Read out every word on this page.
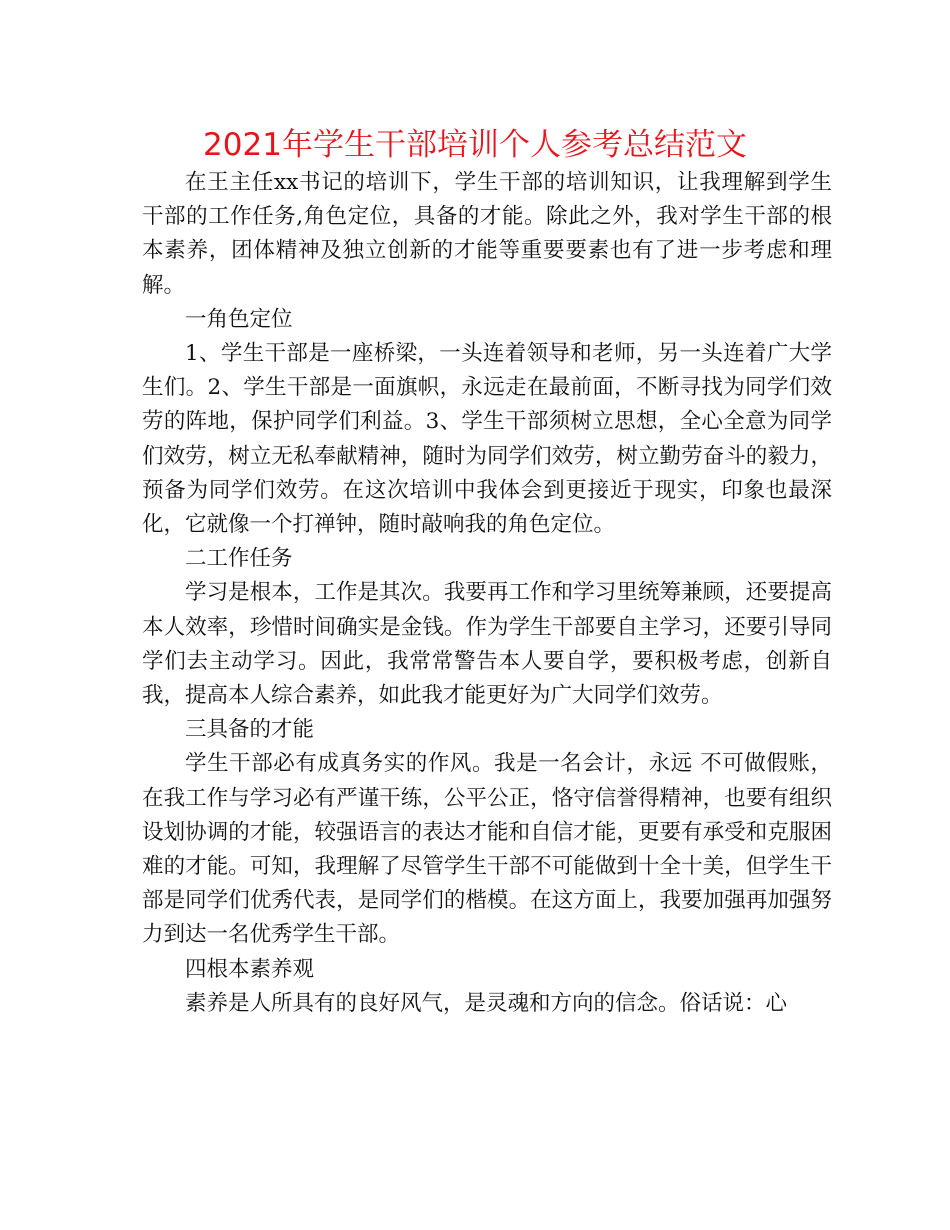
2021年学生干部培训个人参考总结范文

在王主任xx书记的培训下，学生干部的培训知识，让我理解到学生干部的工作任务,角色定位，具备的才能。除此之外，我对学生干部的根本素养，团体精神及独立创新的才能等重要要素也有了进一步考虑和理解。

一角色定位

1、学生干部是一座桥梁，一头连着领导和老师，另一头连着广大学生们。2、学生干部是一面旗帜，永远走在最前面，不断寻找为同学们效劳的阵地，保护同学们利益。3、学生干部须树立思想，全心全意为同学们效劳，树立无私奉献精神，随时为同学们效劳，树立勤劳奋斗的毅力，预备为同学们效劳。在这次培训中我体会到更接近于现实，印象也最深化，它就像一个打禅钟，随时敲响我的角色定位。

二工作任务

学习是根本，工作是其次。我要再工作和学习里统筹兼顾，还要提高本人效率，珍惜时间确实是金钱。作为学生干部要自主学习，还要引导同学们去主动学习。因此，我常常警告本人要自学，要积极考虑，创新自我，提高本人综合素养，如此我才能更好为广大同学们效劳。

三具备的才能

学生干部必有成真务实的作风。我是一名会计，永远 不可做假账，在我工作与学习必有严谨干练，公平公正，恪守信誉得精神，也要有组织设划协调的才能，较强语言的表达才能和自信才能，更要有承受和克服困难的才能。可知，我理解了尽管学生干部不可能做到十全十美，但学生干部是同学们优秀代表，是同学们的楷模。在这方面上，我要加强再加强努力到达一名优秀学生干部。

四根本素养观

素养是人所具有的良好风气，是灵魂和方向的信念。俗话说：心
